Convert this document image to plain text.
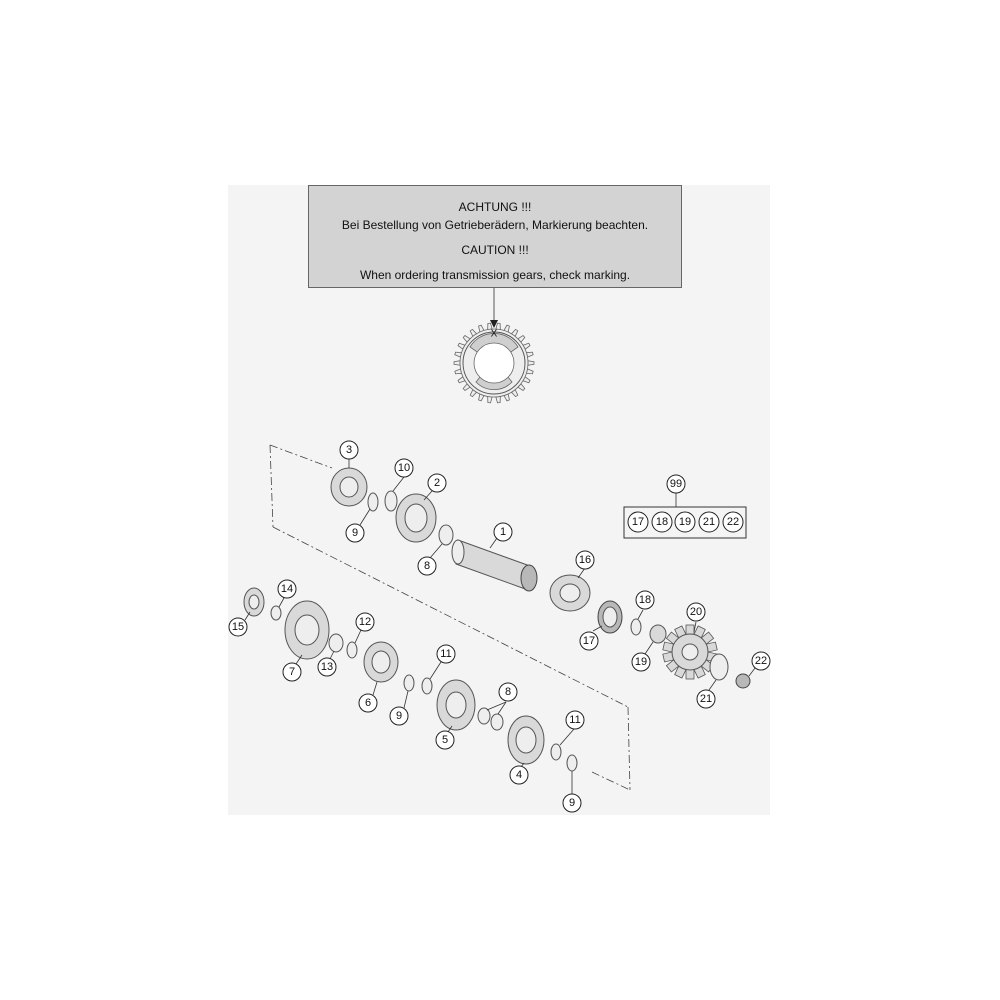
ACHTUNG !!!
Bei Bestellung von Getrieberädern, Markierung beachten.
CAUTION !!!
When ordering transmission gears, check marking.
X
3
10
2
9	1
8	16
99
14
15
7
12
13
11
6
9
8
5
11
4
9
18
17
19
20
21
22
17 18 19 21 22
